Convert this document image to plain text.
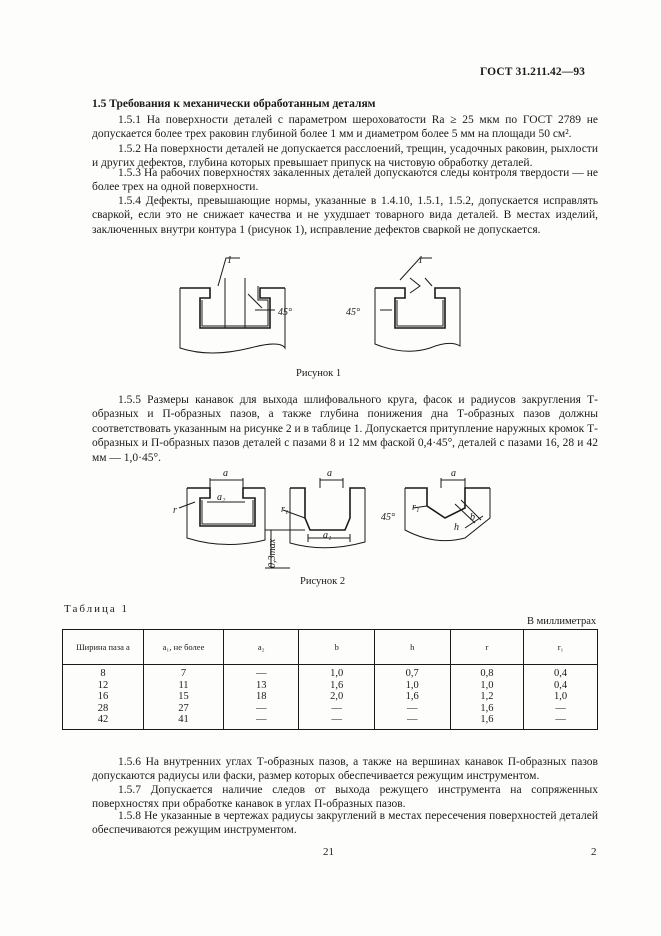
ГОСТ 31.211.42—93
1.5 Требования к механически обработанным деталям
1.5.1 На поверхности деталей с параметром шероховатости Ra ≥ 25 мкм по ГОСТ 2789 не допускается более трех раковин глубиной более 1 мм и диаметром более 5 мм на площади 50 см².
1.5.2 На поверхности деталей не допускается расслоений, трещин, усадочных раковин, рыхлости и других дефектов, глубина которых превышает припуск на чистовую обработку деталей.
1.5.3 На рабочих поверхностях закаленных деталей допускаются следы контроля твердости — не более трех на одной поверхности.
1.5.4 Дефекты, превышающие нормы, указанные в 1.4.10, 1.5.1, 1.5.2, допускается исправлять сваркой, если это не снижает качества и не ухудшает товарного вида деталей. В местах изделий, заключенных внутри контура 1 (рисунок 1), исправление дефектов сваркой не допускается.
1
45°
1
45°
Рисунок 1
1.5.5 Размеры канавок для выхода шлифовального круга, фасок и радиусов закругления Т-образных и П-образных пазов, а также глубина понижения дна Т-образных пазов должны соответствовать указанным на рисунке 2 и в таблице 1. Допускается притупление наружных кромок Т-образных и П-образных пазов деталей с пазами 8 и 12 мм фаской 0,4·45°, деталей с пазами 16, 28 и 42 мм — 1,0·45°.
a
a₂
r
a
a₁
r₁
0,3max
a
45°
r₁
b
h
Рисунок 2
Таблица 1
В миллиметрах
Ширина паза a	a₁, не более	a₂	b	h	r	r₁
8	7	—	1,0	0,7	0,8	0,4
12	11	13	1,6	1,0	1,0	0,4
16	15	18	2,0	1,6	1,2	1,0
28	27	—	—	—	1,6	—
42	41	—	—	—	1,6	—
1.5.6 На внутренних углах Т-образных пазов, а также на вершинах канавок П-образных пазов допускаются радиусы или фаски, размер которых обеспечивается режущим инструментом.
1.5.7 Допускается наличие следов от выхода режущего инструмента на сопряженных поверхностях при обработке канавок в углах П-образных пазов.
1.5.8 Не указанные в чертежах радиусы закруглений в местах пересечения поверхностей деталей обеспечиваются режущим инструментом.
21	2
